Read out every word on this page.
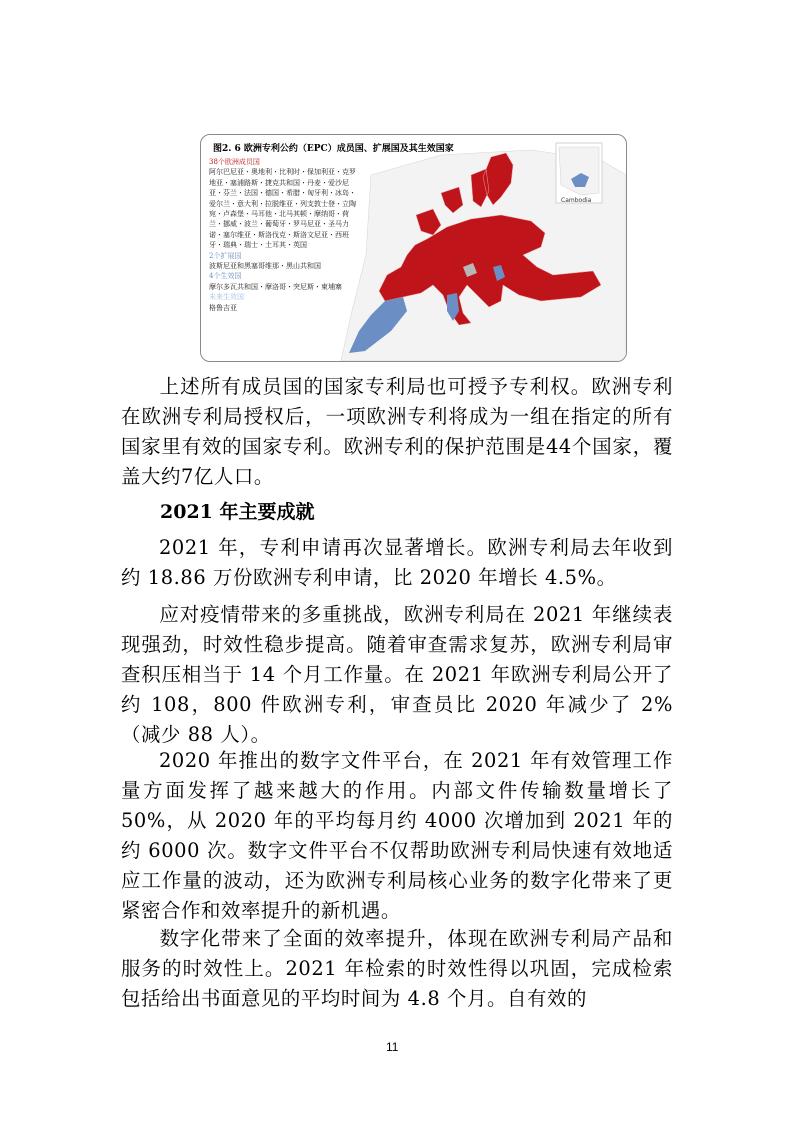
图2. 6 欧洲专利公约（EPC）成员国、扩展国及其生效国家
Cambodia
38个欧洲成员国
阿尔巴尼亚・奥地利・比利时・保加利亚・克罗地亚・塞浦路斯・捷克共和国・丹麦・爱沙尼亚・芬兰・法国・德国・希腊・匈牙利・冰岛・爱尔兰・意大利・拉脱维亚・列支敦士登・立陶宛・卢森堡・马耳他・北马其顿・摩纳哥・荷兰・挪威・波兰・葡萄牙・罗马尼亚・圣马力诺・塞尔维亚・斯洛伐克・斯洛文尼亚・西班牙・瑞典・瑞士・土耳其・英国
2个扩展国
波斯尼亚和黑塞哥维那・黑山共和国
4个生效国
摩尔多瓦共和国・摩洛哥・突尼斯・柬埔寨
未来生效国
格鲁吉亚
上述所有成员国的国家专利局也可授予专利权。欧洲专利在欧洲专利局授权后，一项欧洲专利将成为一组在指定的所有国家里有效的国家专利。欧洲专利的保护范围是44个国家，覆盖大约7亿人口。
2021 年主要成就
2021 年，专利申请再次显著增长。欧洲专利局去年收到约 18.86 万份欧洲专利申请，比 2020 年增长 4.5%。
应对疫情带来的多重挑战，欧洲专利局在 2021 年继续表现强劲，时效性稳步提高。随着审查需求复苏，欧洲专利局审查积压相当于 14 个月工作量。在 2021 年欧洲专利局公开了约 108，800 件欧洲专利，审查员比 2020 年减少了 2%（减少 88 人）。
2020 年推出的数字文件平台，在 2021 年有效管理工作量方面发挥了越来越大的作用。内部文件传输数量增长了 50%，从 2020 年的平均每月约 4000 次增加到 2021 年的约 6000 次。数字文件平台不仅帮助欧洲专利局快速有效地适应工作量的波动，还为欧洲专利局核心业务的数字化带来了更紧密合作和效率提升的新机遇。
数字化带来了全面的效率提升，体现在欧洲专利局产品和服务的时效性上。2021 年检索的时效性得以巩固，完成检索包括给出书面意见的平均时间为 4.8 个月。自有效的
11
